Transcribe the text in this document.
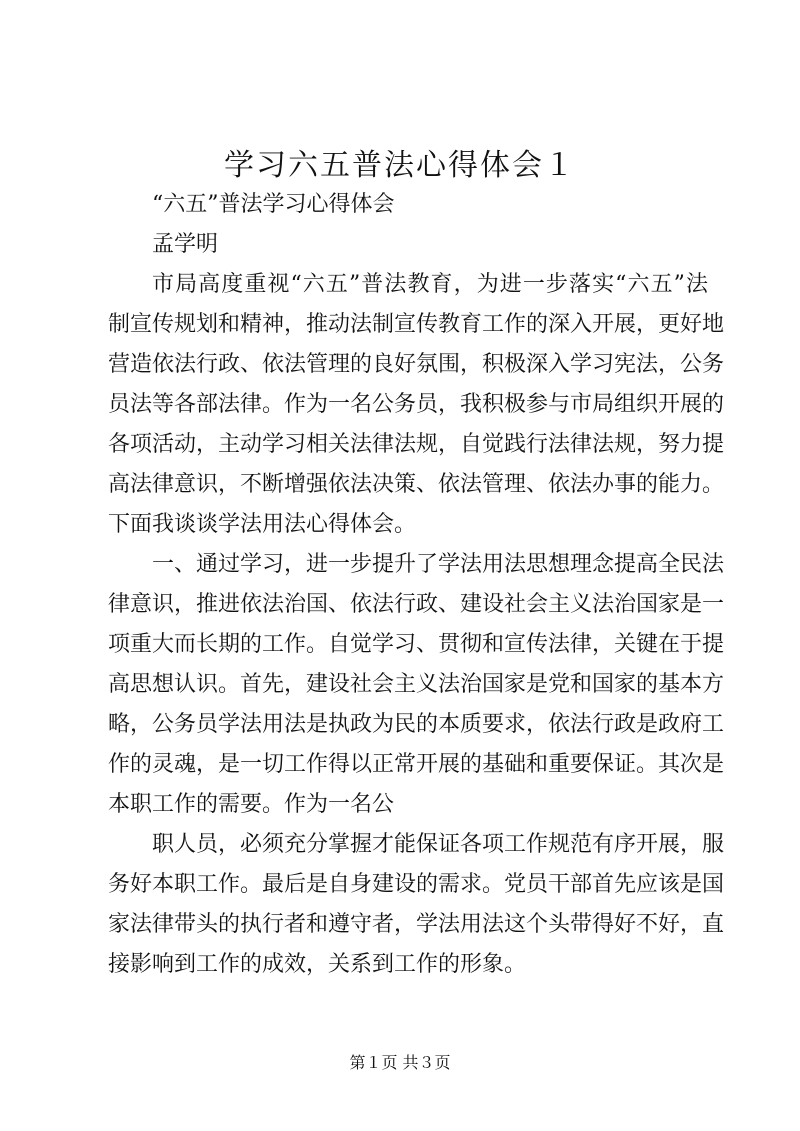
学习六五普法心得体会１
“六五”普法学习心得体会
孟学明
市局高度重视“六五”普法教育，为进一步落实“六五”法
制宣传规划和精神，推动法制宣传教育工作的深入开展，更好地
营造依法行政、依法管理的良好氛围，积极深入学习宪法，公务
员法等各部法律。作为一名公务员，我积极参与市局组织开展的
各项活动，主动学习相关法律法规，自觉践行法律法规，努力提
高法律意识，不断增强依法决策、依法管理、依法办事的能力。
下面我谈谈学法用法心得体会。
一、通过学习，进一步提升了学法用法思想理念提高全民法
律意识，推进依法治国、依法行政、建设社会主义法治国家是一
项重大而长期的工作。自觉学习、贯彻和宣传法律，关键在于提
高思想认识。首先，建设社会主义法治国家是党和国家的基本方
略，公务员学法用法是执政为民的本质要求，依法行政是政府工
作的灵魂，是一切工作得以正常开展的基础和重要保证。其次是
本职工作的需要。作为一名公
职人员，必须充分掌握才能保证各项工作规范有序开展，服
务好本职工作。最后是自身建设的需求。党员干部首先应该是国
家法律带头的执行者和遵守者，学法用法这个头带得好不好，直
接影响到工作的成效，关系到工作的形象。
第１页 共３页
